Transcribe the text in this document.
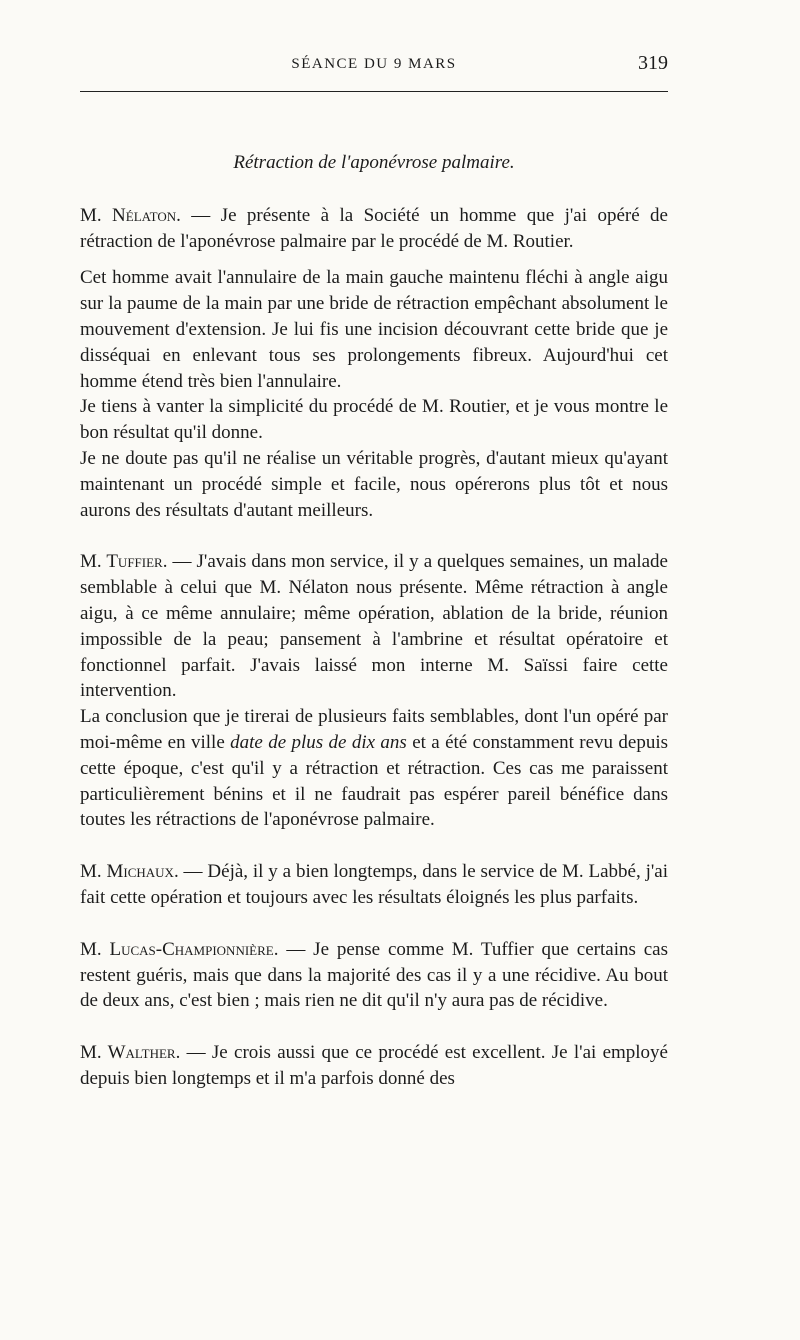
SÉANCE DU 9 MARS	319
Rétraction de l'aponévrose palmaire.

M. Nélaton. — Je présente à la Société un homme que j'ai opéré de rétraction de l'aponévrose palmaire par le procédé de M. Routier.

Cet homme avait l'annulaire de la main gauche maintenu fléchi à angle aigu sur la paume de la main par une bride de rétraction empêchant absolument le mouvement d'extension. Je lui fis une incision découvrant cette bride que je disséquai en enlevant tous ses prolongements fibreux. Aujourd'hui cet homme étend très bien l'annulaire.

Je tiens à vanter la simplicité du procédé de M. Routier, et je vous montre le bon résultat qu'il donne.

Je ne doute pas qu'il ne réalise un véritable progrès, d'autant mieux qu'ayant maintenant un procédé simple et facile, nous opérerons plus tôt et nous aurons des résultats d'autant meilleurs.

M. Tuffier. — J'avais dans mon service, il y a quelques semaines, un malade semblable à celui que M. Nélaton nous présente. Même rétraction à angle aigu, à ce même annulaire; même opération, ablation de la bride, réunion impossible de la peau; pansement à l'ambrine et résultat opératoire et fonctionnel parfait. J'avais laissé mon interne M. Saïssi faire cette intervention.

La conclusion que je tirerai de plusieurs faits semblables, dont l'un opéré par moi-même en ville date de plus de dix ans et a été constamment revu depuis cette époque, c'est qu'il y a rétraction et rétraction. Ces cas me paraissent particulièrement bénins et il ne faudrait pas espérer pareil bénéfice dans toutes les rétractions de l'aponévrose palmaire.

M. Michaux. — Déjà, il y a bien longtemps, dans le service de M. Labbé, j'ai fait cette opération et toujours avec les résultats éloignés les plus parfaits.

M. Lucas-Championnière. — Je pense comme M. Tuffier que certains cas restent guéris, mais que dans la majorité des cas il y a une récidive. Au bout de deux ans, c'est bien ; mais rien ne dit qu'il n'y aura pas de récidive.

M. Walther. — Je crois aussi que ce procédé est excellent. Je l'ai employé depuis bien longtemps et il m'a parfois donné des
